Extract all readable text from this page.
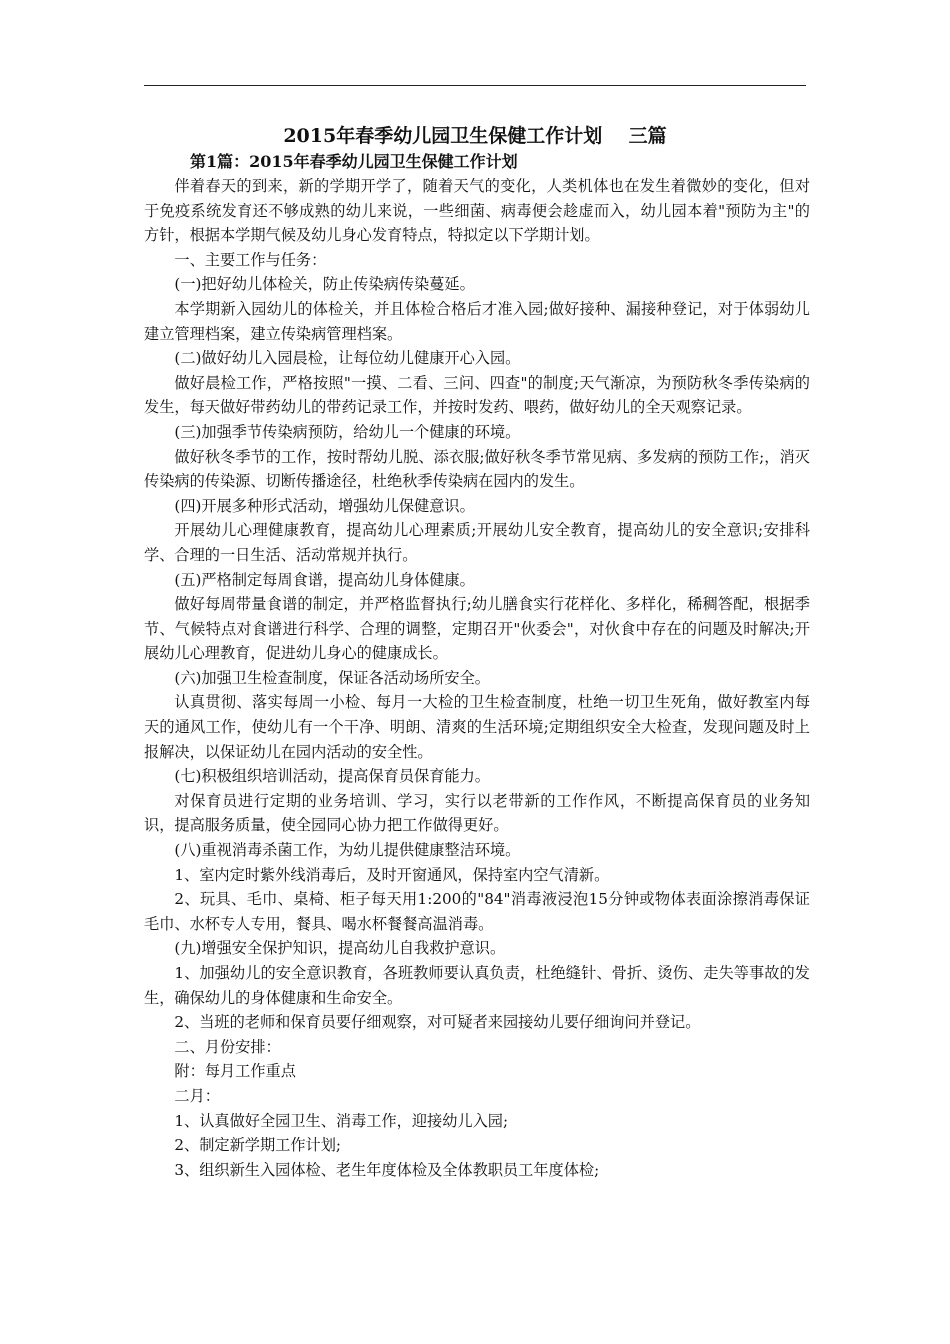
2015年春季幼儿园卫生保健工作计划    三篇
第1篇：2015年春季幼儿园卫生保健工作计划

伴着春天的到来，新的学期开学了，随着天气的变化，人类机体也在发生着微妙的变化，但对于免疫系统发育还不够成熟的幼儿来说，一些细菌、病毒便会趁虚而入，幼儿园本着"预防为主"的方针，根据本学期气候及幼儿身心发育特点，特拟定以下学期计划。

一、主要工作与任务：

(一)把好幼儿体检关，防止传染病传染蔓延。

本学期新入园幼儿的体检关，并且体检合格后才准入园;做好接种、漏接种登记，对于体弱幼儿建立管理档案，建立传染病管理档案。

(二)做好幼儿入园晨检，让每位幼儿健康开心入园。

做好晨检工作，严格按照"一摸、二看、三问、四查"的制度;天气渐凉，为预防秋冬季传染病的发生，每天做好带药幼儿的带药记录工作，并按时发药、喂药，做好幼儿的全天观察记录。

(三)加强季节传染病预防，给幼儿一个健康的环境。

做好秋冬季节的工作，按时帮幼儿脱、添衣服;做好秋冬季节常见病、多发病的预防工作;，消灭传染病的传染源、切断传播途径，杜绝秋季传染病在园内的发生。

(四)开展多种形式活动，增强幼儿保健意识。

开展幼儿心理健康教育，提高幼儿心理素质;开展幼儿安全教育，提高幼儿的安全意识;安排科学、合理的一日生活、活动常规并执行。

(五)严格制定每周食谱，提高幼儿身体健康。

做好每周带量食谱的制定，并严格监督执行;幼儿膳食实行花样化、多样化，稀稠答配，根据季节、气候特点对食谱进行科学、合理的调整，定期召开"伙委会"，对伙食中存在的问题及时解决;开展幼儿心理教育，促进幼儿身心的健康成长。

(六)加强卫生检查制度，保证各活动场所安全。

认真贯彻、落实每周一小检、每月一大检的卫生检查制度，杜绝一切卫生死角，做好教室内每天的通风工作，使幼儿有一个干净、明朗、清爽的生活环境;定期组织安全大检查，发现问题及时上报解决，以保证幼儿在园内活动的安全性。

(七)积极组织培训活动，提高保育员保育能力。

对保育员进行定期的业务培训、学习，实行以老带新的工作作风，不断提高保育员的业务知识，提高服务质量，使全园同心协力把工作做得更好。

(八)重视消毒杀菌工作，为幼儿提供健康整洁环境。

1、室内定时紫外线消毒后，及时开窗通风，保持室内空气清新。

2、玩具、毛巾、桌椅、柜子每天用1:200的"84"消毒液浸泡15分钟或物体表面涂擦消毒保证毛巾、水杯专人专用，餐具、喝水杯餐餐高温消毒。

(九)增强安全保护知识，提高幼儿自我救护意识。

1、加强幼儿的安全意识教育，各班教师要认真负责，杜绝缝针、骨折、烫伤、走失等事故的发生，确保幼儿的身体健康和生命安全。

2、当班的老师和保育员要仔细观察，对可疑者来园接幼儿要仔细询问并登记。

二、月份安排：

附：每月工作重点

二月：

1、认真做好全园卫生、消毒工作，迎接幼儿入园;

2、制定新学期工作计划;

3、组织新生入园体检、老生年度体检及全体教职员工年度体检;
